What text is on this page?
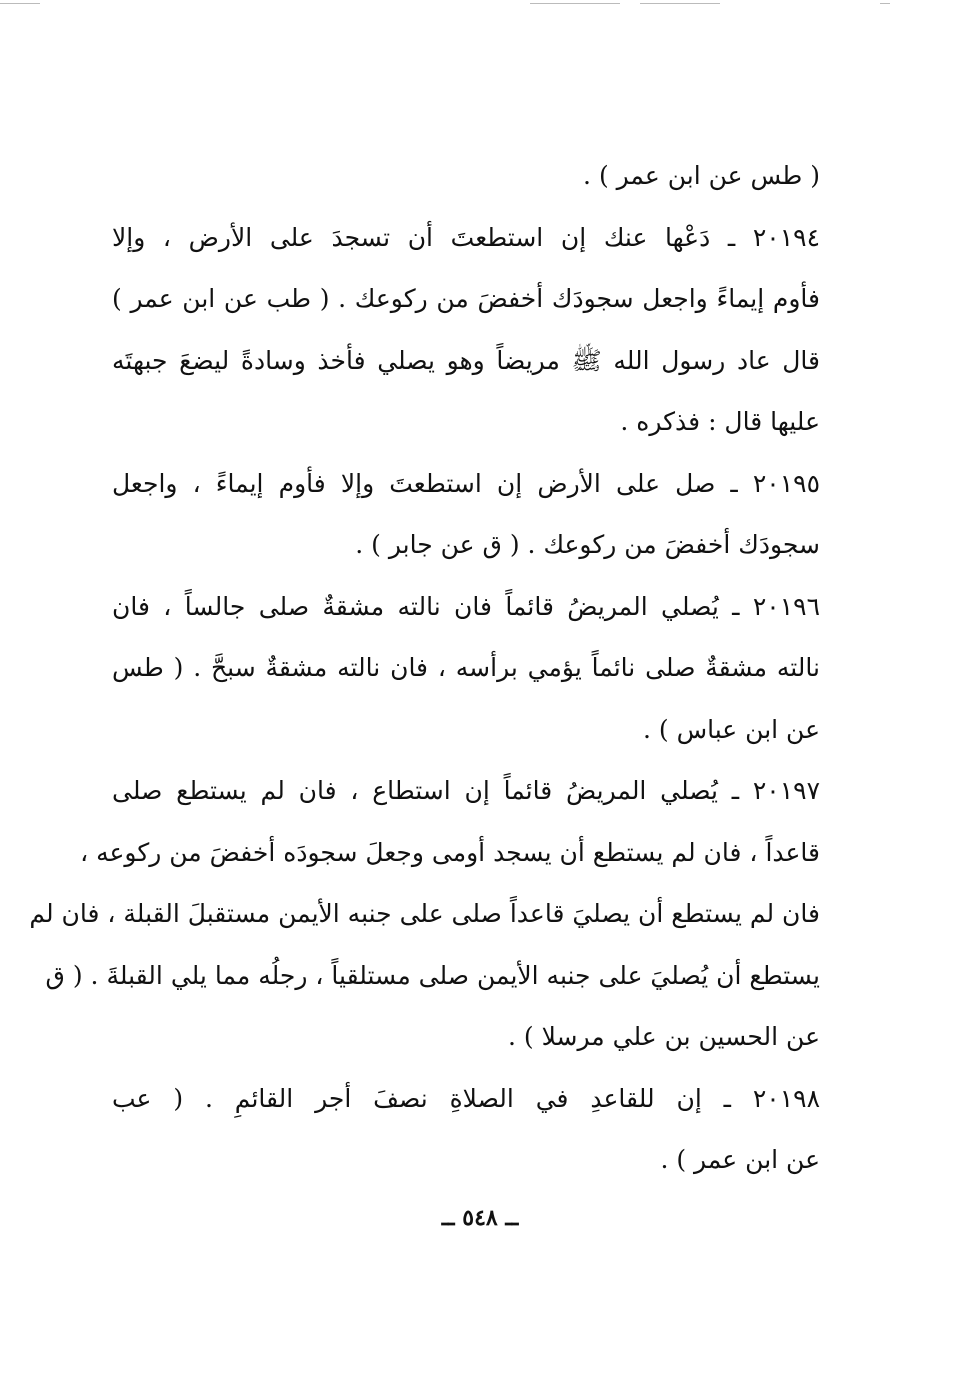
( طس عن ابن عمر ) .
٢٠١٩٤ ـ دَعْها عنك إن استطعتَ أن تسجدَ على الأرض ، وإلا
فأوم إيماءً واجعل سجودَك أخفضَ من ركوعك . ( طب عن ابن عمر )
قال عاد رسول الله ﷺ مريضاً وهو يصلي فأخذ وسادةً ليضعَ جبهتَه
عليها قال : فذكره .
٢٠١٩٥ ـ صل على الأرض إن استطعتَ وإلا فأوم إيماءً ، واجعل
سجودَك أخفضَ من ركوعك . ( ق عن جابر ) .
٢٠١٩٦ ـ يُصلي المريضُ قائماً فان نالته مشقةٌ صلى جالساً ، فان
نالته مشقةٌ صلى نائماً يؤمي برأسه ، فان نالته مشقةٌ سبحَّ . ( طس
عن ابن عباس ) .
٢٠١٩٧ ـ يُصلي المريضُ قائماً إن استطاع ، فان لم يستطع صلى
قاعداً ، فان لم يستطع أن يسجد أومى وجعلَ سجودَه أخفضَ من ركوعه ،
فان لم يستطع أن يصليَ قاعداً صلى على جنبه الأيمن مستقبلَ القبلة ، فان لم
يستطع أن يُصليَ على جنبه الأيمن صلى مستلقياً ، رجلُه مما يلي القبلةَ . ( ق
عن الحسين بن علي مرسلا ) .
٢٠١٩٨ ـ إن للقاعدِ في الصلاةِ نصفَ أجر القائمِ . ( عب
عن ابن عمر ) .
ــ ٥٤٨ ــ
